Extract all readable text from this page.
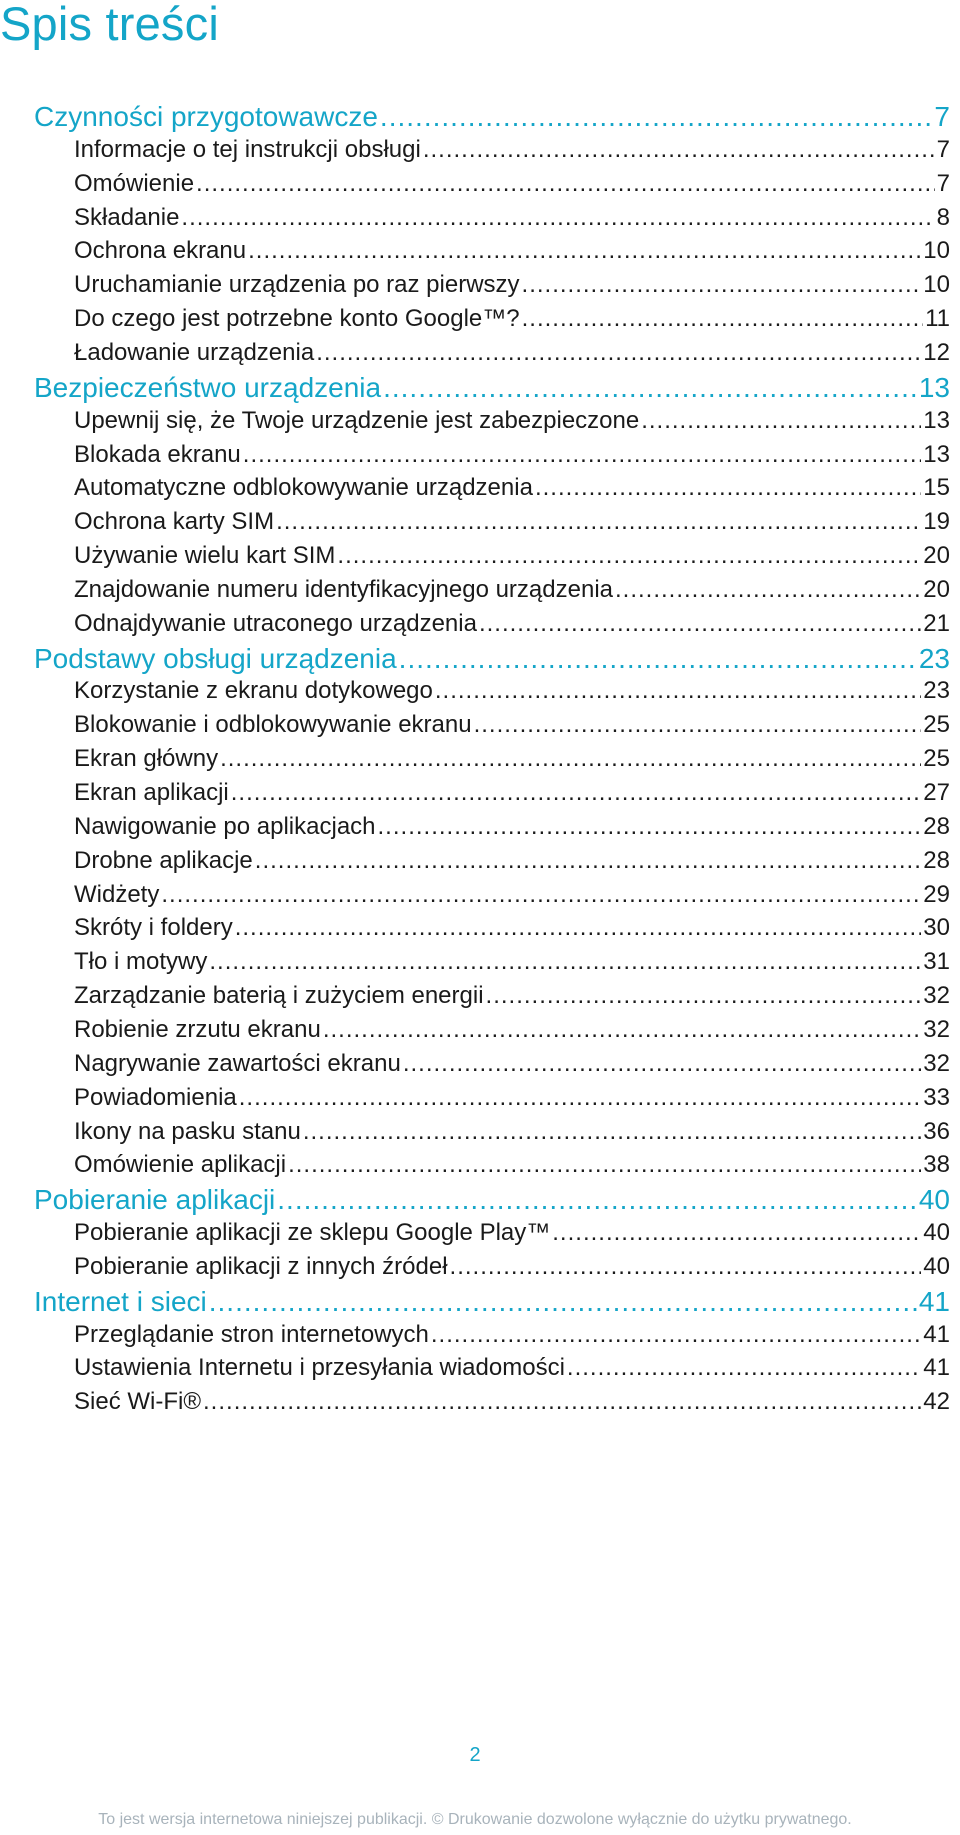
Spis treści
Czynności przygotowawcze .....	7
Informacje o tej instrukcji obsługi .....	7
Omówienie .....	7
Składanie .....	8
Ochrona ekranu .....	10
Uruchamianie urządzenia po raz pierwszy .....	10
Do czego jest potrzebne konto Google™? .....	11
Ładowanie urządzenia .....	12
Bezpieczeństwo urządzenia .....	13
Upewnij się, że Twoje urządzenie jest zabezpieczone .....	13
Blokada ekranu .....	13
Automatyczne odblokowywanie urządzenia .....	15
Ochrona karty SIM .....	19
Używanie wielu kart SIM .....	20
Znajdowanie numeru identyfikacyjnego urządzenia .....	20
Odnajdywanie utraconego urządzenia .....	21
Podstawy obsługi urządzenia .....	23
Korzystanie z ekranu dotykowego .....	23
Blokowanie i odblokowywanie ekranu .....	25
Ekran główny .....	25
Ekran aplikacji .....	27
Nawigowanie po aplikacjach .....	28
Drobne aplikacje .....	28
Widżety .....	29
Skróty i foldery .....	30
Tło i motywy .....	31
Zarządzanie baterią i zużyciem energii .....	32
Robienie zrzutu ekranu .....	32
Nagrywanie zawartości ekranu .....	32
Powiadomienia .....	33
Ikony na pasku stanu .....	36
Omówienie aplikacji .....	38
Pobieranie aplikacji .....	40
Pobieranie aplikacji ze sklepu Google Play™ .....	40
Pobieranie aplikacji z innych źródeł .....	40
Internet i sieci .....	41
Przeglądanie stron internetowych .....	41
Ustawienia Internetu i przesyłania wiadomości .....	41
Sieć Wi-Fi® .....	42
2
To jest wersja internetowa niniejszej publikacji. © Drukowanie dozwolone wyłącznie do użytku prywatnego.
